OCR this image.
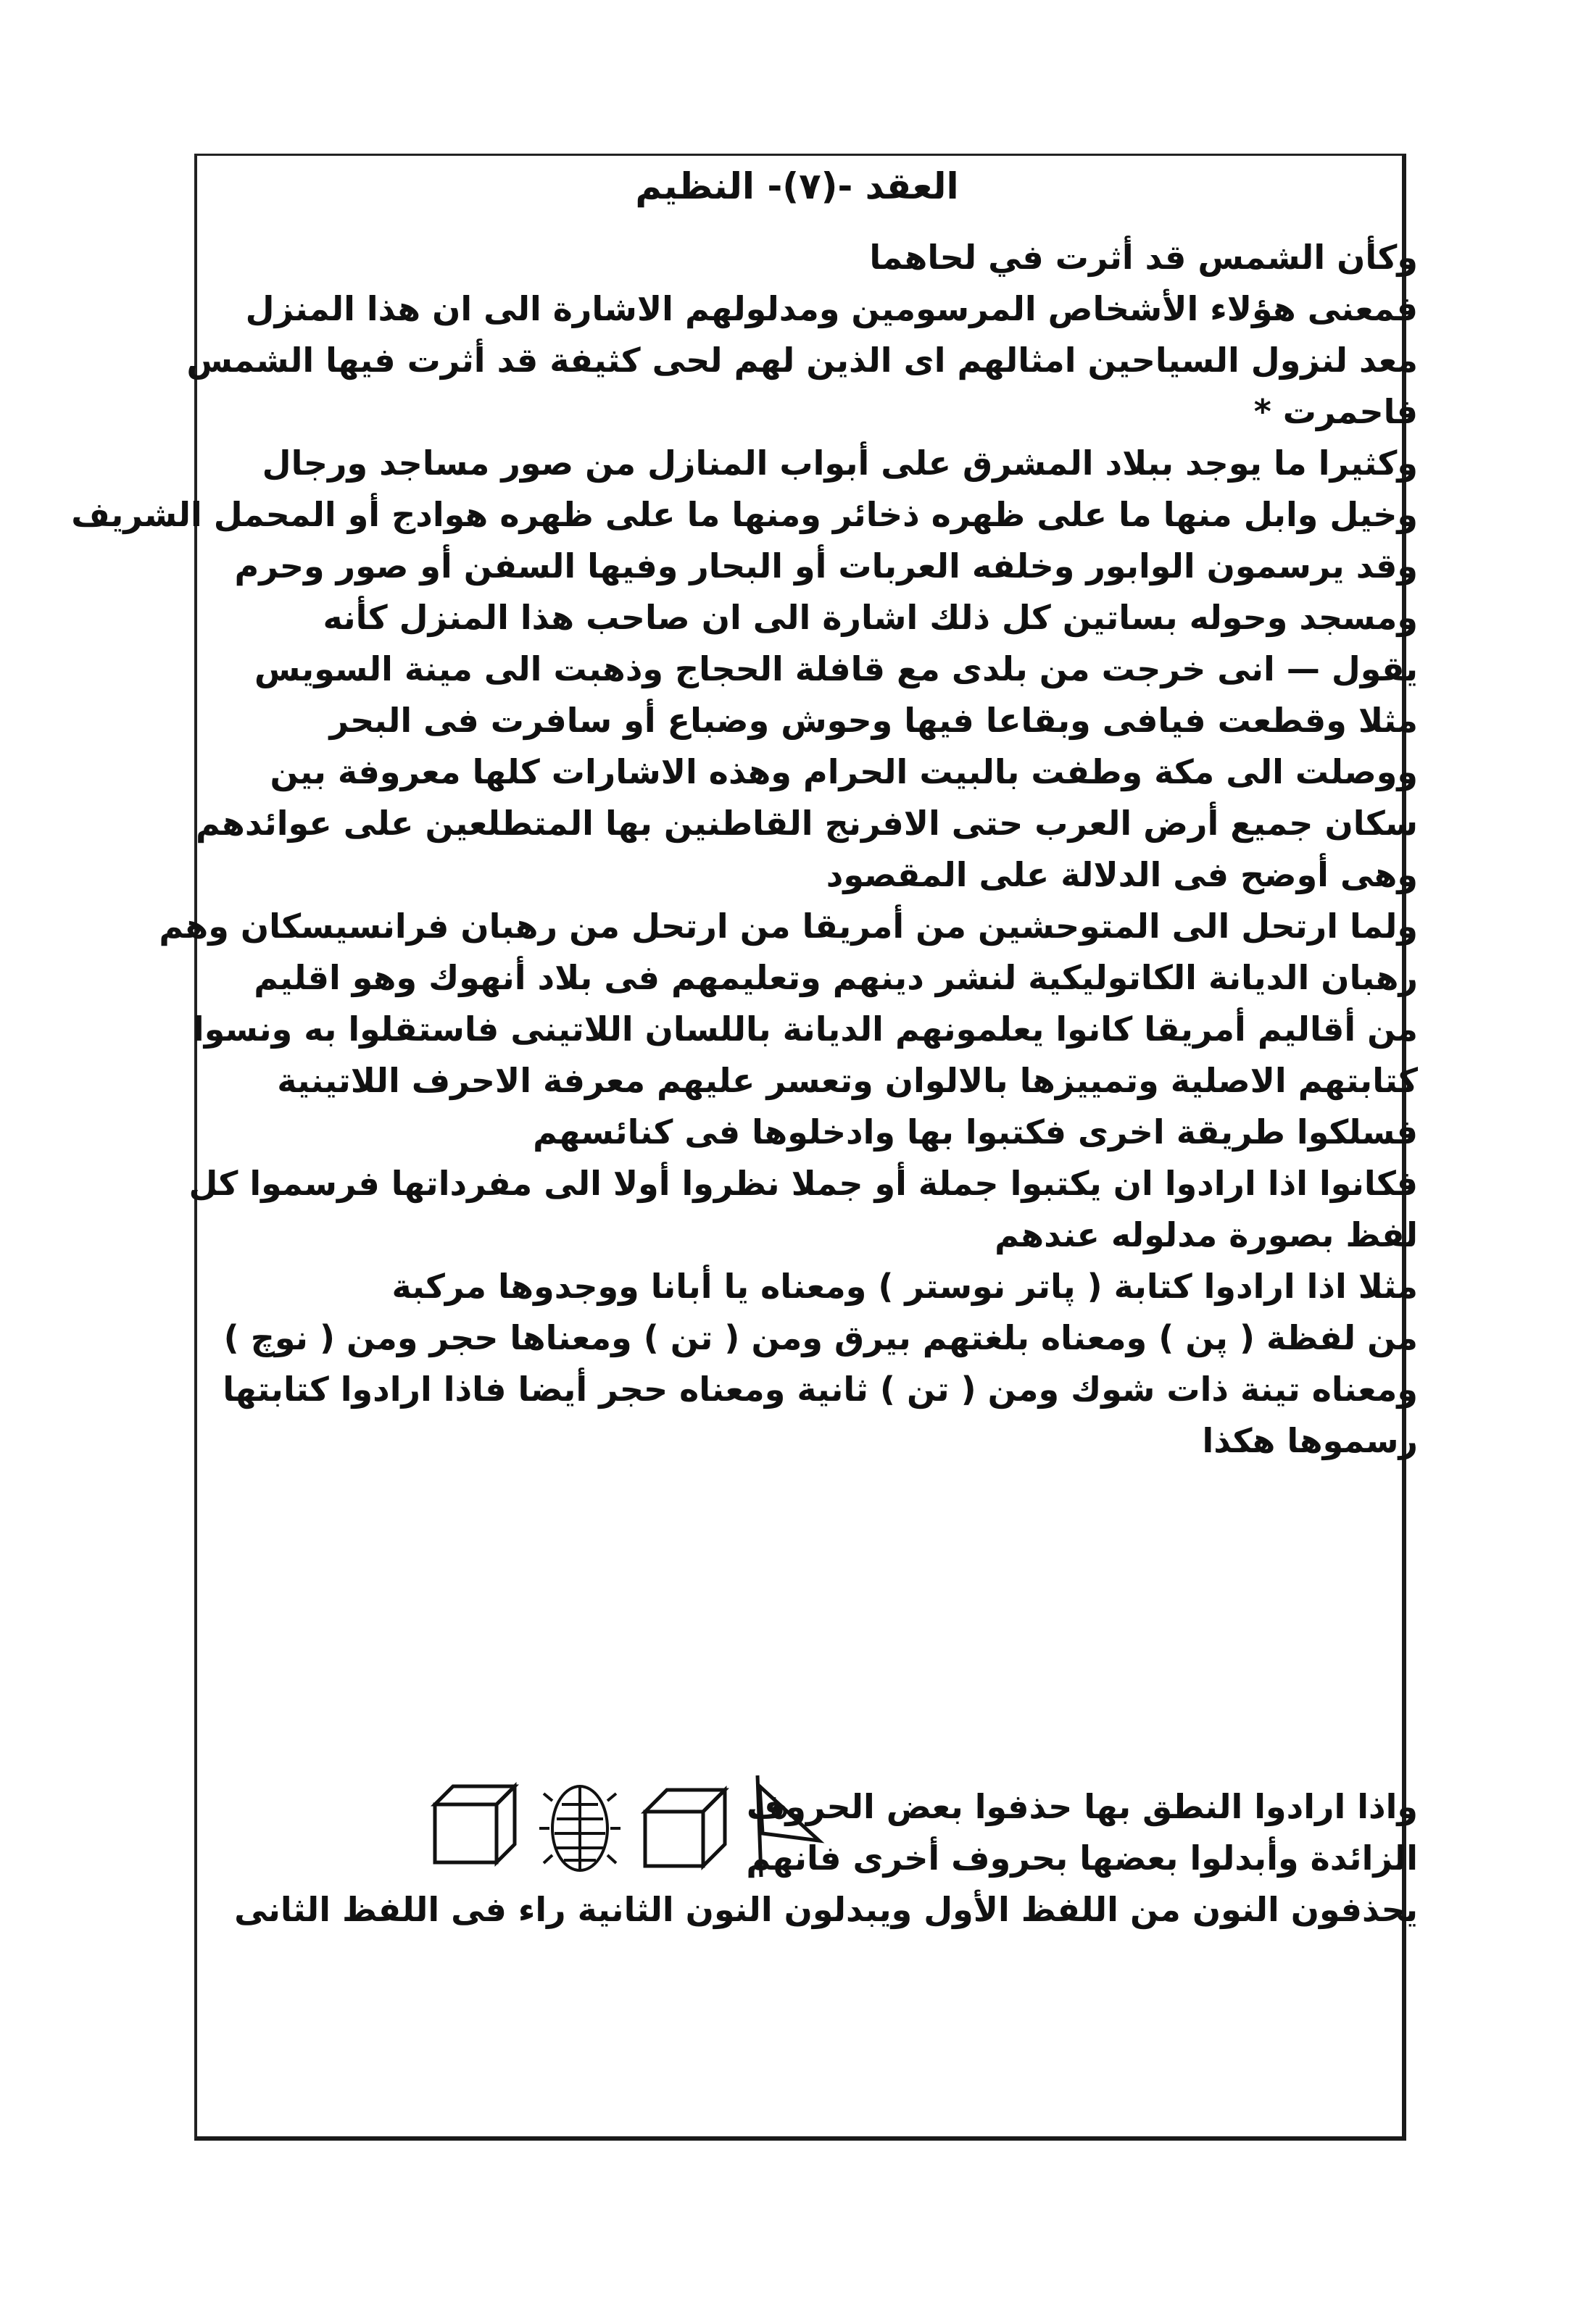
العقد -(٧)- النظيم
وكأن الشمس قد أثرت في لحاهما
فمعنى هؤلاء الأشخاص المرسومين ومدلولهم الاشارة الى ان هذا المنزل
معد لنزول السياحين امثالهم اى الذين لهم لحى كثيفة قد أثرت فيها الشمس
فاحمرت *
وكثيرا ما يوجد ببلاد المشرق على أبواب المنازل من صور مساجد ورجال
وخيل وابل منها ما على ظهره ذخائر ومنها ما على ظهره هوادج أو المحمل الشريف
وقد يرسمون الوابور وخلفه العربات أو البحار وفيها السفن أو صور وحرم
ومسجد وحوله بساتين كل ذلك اشارة الى ان صاحب هذا المنزل كأنه
يقول — انى خرجت من بلدى مع قافلة الحجاج وذهبت الى مينة السويس
مثلا وقطعت فيافى وبقاعا فيها وحوش وضباع أو سافرت فى البحر
ووصلت الى مكة وطفت بالبيت الحرام وهذه الاشارات كلها معروفة بين
سكان جميع أرض العرب حتى الافرنج القاطنين بها المتطلعين على عوائدهم
وهى أوضح فى الدلالة على المقصود
ولما ارتحل الى المتوحشين من أمريقا من ارتحل من رهبان فرانسيسكان وهم
رهبان الديانة الكاتوليكية لنشر دينهم وتعليمهم فى بلاد أنهوك وهو اقليم
من أقاليم أمريقا كانوا يعلمونهم الديانة باللسان اللاتينى فاستقلوا به ونسوا
كتابتهم الاصلية وتمييزها بالالوان وتعسر عليهم معرفة الاحرف اللاتينية
فسلكوا طريقة اخرى فكتبوا بها وادخلوها فى كنائسهم
فكانوا اذا ارادوا ان يكتبوا جملة أو جملا نظروا أولا الى مفرداتها فرسموا كل
لفظ بصورة مدلوله عندهم
مثلا اذا ارادوا كتابة ( پاتر نوستر ) ومعناه يا أبانا ووجدوها مركبة
من لفظة ( پن ) ومعناه بلغتهم بيرق ومن ( تن ) ومعناها حجر ومن ( نوچ )
ومعناه تينة ذات شوك ومن ( تن ) ثانية ومعناه حجر أيضا فاذا ارادوا كتابتها
رسموها هكذا
واذا ارادوا النطق بها حذفوا بعض الحروف
الزائدة وأبدلوا بعضها بحروف أخرى فانهم
يحذفون النون من اللفظ الأول ويبدلون النون الثانية راء فى اللفظ الثانى
